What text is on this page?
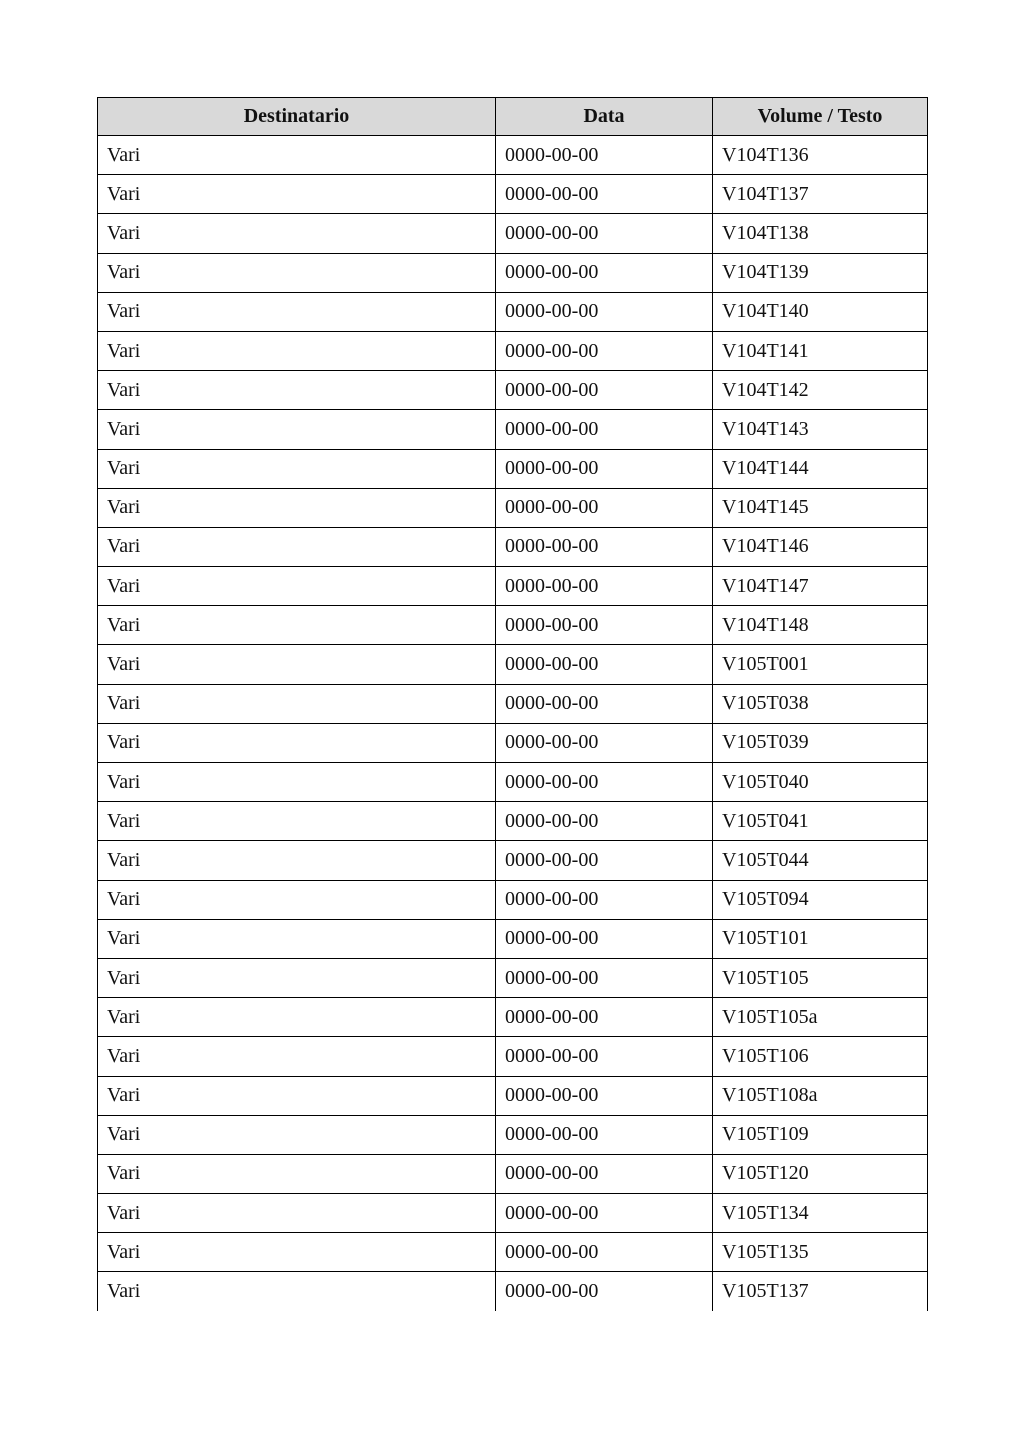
Destinatario	Data	Volume / Testo
Vari	0000-00-00	V104T136
Vari	0000-00-00	V104T137
Vari	0000-00-00	V104T138
Vari	0000-00-00	V104T139
Vari	0000-00-00	V104T140
Vari	0000-00-00	V104T141
Vari	0000-00-00	V104T142
Vari	0000-00-00	V104T143
Vari	0000-00-00	V104T144
Vari	0000-00-00	V104T145
Vari	0000-00-00	V104T146
Vari	0000-00-00	V104T147
Vari	0000-00-00	V104T148
Vari	0000-00-00	V105T001
Vari	0000-00-00	V105T038
Vari	0000-00-00	V105T039
Vari	0000-00-00	V105T040
Vari	0000-00-00	V105T041
Vari	0000-00-00	V105T044
Vari	0000-00-00	V105T094
Vari	0000-00-00	V105T101
Vari	0000-00-00	V105T105
Vari	0000-00-00	V105T105a
Vari	0000-00-00	V105T106
Vari	0000-00-00	V105T108a
Vari	0000-00-00	V105T109
Vari	0000-00-00	V105T120
Vari	0000-00-00	V105T134
Vari	0000-00-00	V105T135
Vari	0000-00-00	V105T137
